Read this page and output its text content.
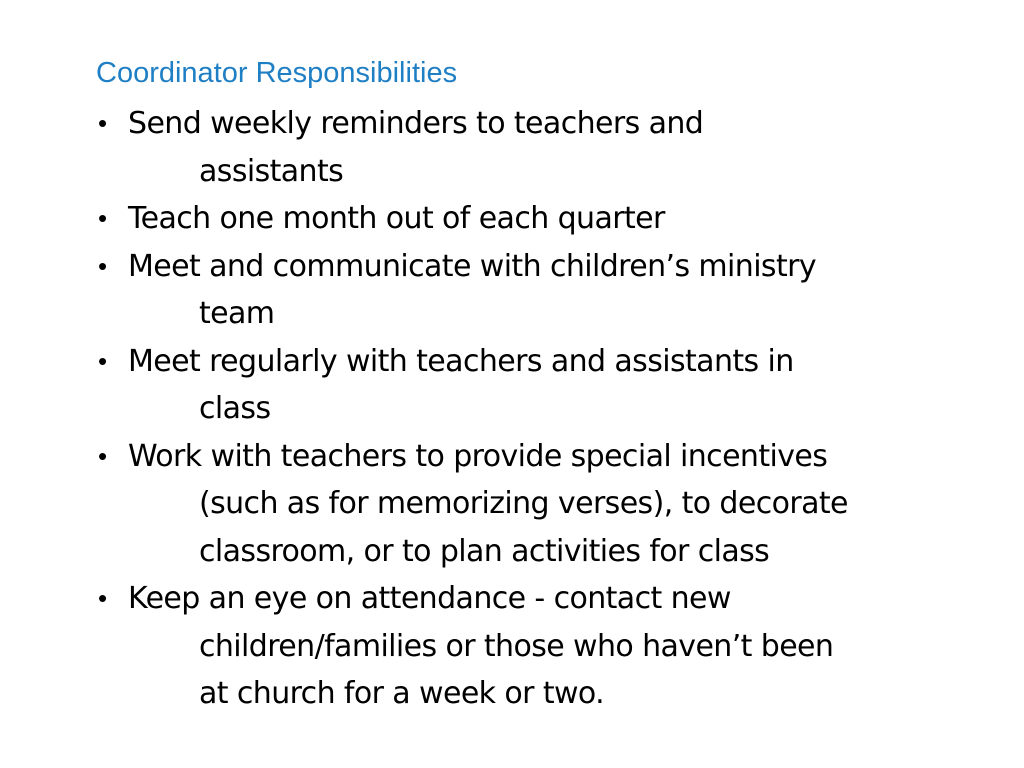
Coordinator Responsibilities
• Send weekly reminders to teachers and
assistants
• Teach one month out of each quarter
• Meet and communicate with children’s ministry
team
• Meet regularly with teachers and assistants in
class
• Work with teachers to provide special incentives
(such as for memorizing verses), to decorate
classroom, or to plan activities for class
• Keep an eye on attendance - contact new
children/families or those who haven’t been
at church for a week or two.
